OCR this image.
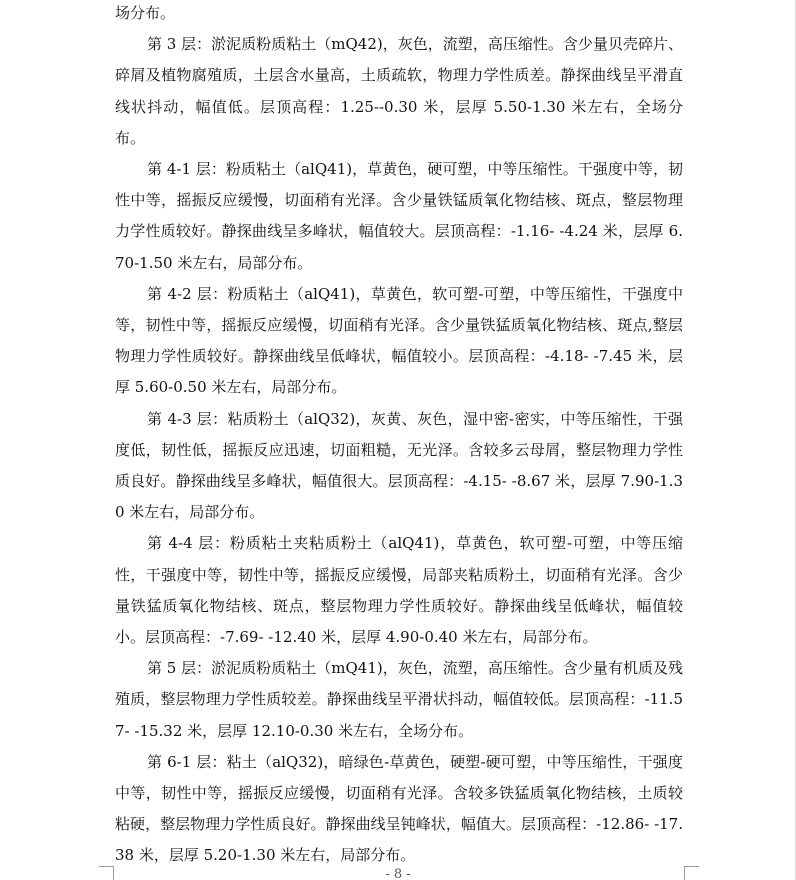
场分布。

第 3 层：淤泥质粉质粘土（mQ42)，灰色，流塑，高压缩性。含少量贝壳碎片、碎屑及植物腐殖质，土层含水量高，土质疏软，物理力学性质差。静探曲线呈平滑直线状抖动，幅值低。层顶高程：1.25--0.30 米，层厚 5.50-1.30 米左右，全场分布。

第 4-1 层：粉质粘土（alQ41)，草黄色，硬可塑，中等压缩性。干强度中等，韧性中等，摇振反应缓慢，切面稍有光泽。含少量铁锰质氧化物结核、斑点，整层物理力学性质较好。静探曲线呈多峰状，幅值较大。层顶高程：-1.16- -4.24 米，层厚 6.70-1.50 米左右，局部分布。

第 4-2 层：粉质粘土（alQ41)，草黄色，软可塑-可塑，中等压缩性，干强度中等，韧性中等，摇振反应缓慢，切面稍有光泽。含少量铁猛质氧化物结核、斑点,整层物理力学性质较好。静探曲线呈低峰状，幅值较小。层顶高程：-4.18- -7.45 米，层厚 5.60-0.50 米左右，局部分布。

第 4-3 层：粘质粉土（alQ32)，灰黄、灰色，湿中密-密实，中等压缩性，干强度低，韧性低，摇振反应迅速，切面粗糙，无光泽。含较多云母屑，整层物理力学性质良好。静探曲线呈多峰状，幅值很大。层顶高程：-4.15- -8.67 米，层厚 7.90-1.30 米左右，局部分布。

第 4-4 层：粉质粘土夹粘质粉土（alQ41)，草黄色，软可塑-可塑，中等压缩性，干强度中等，韧性中等，摇振反应缓慢，局部夹粘质粉土，切面稍有光泽。含少量铁猛质氧化物结核、斑点，整层物理力学性质较好。静探曲线呈低峰状，幅值较小。层顶高程：-7.69- -12.40 米，层厚 4.90-0.40 米左右，局部分布。

第 5 层：淤泥质粉质粘土（mQ41)，灰色，流塑，高压缩性。含少量有机质及残殖质，整层物理力学性质较差。静探曲线呈平滑状抖动，幅值较低。层顶高程：-11.57- -15.32 米，层厚 12.10-0.30 米左右，全场分布。

第 6-1 层：粘土（alQ32)，暗绿色-草黄色，硬塑-硬可塑，中等压缩性，干强度中等，韧性中等，摇振反应缓慢，切面稍有光泽。含较多铁猛质氧化物结核，土质较粘硬，整层物理力学性质良好。静探曲线呈钝峰状，幅值大。层顶高程：-12.86- -17.38 米，层厚 5.20-1.30 米左右，局部分布。

- 8 -
